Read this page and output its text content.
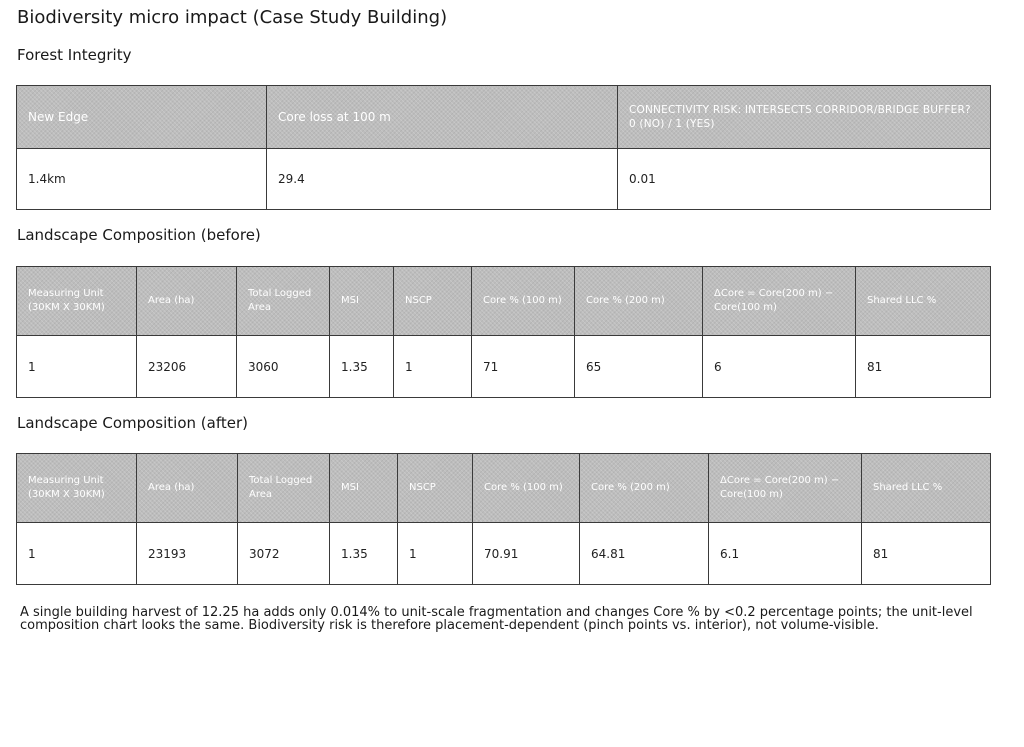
Biodiversity micro impact (Case Study Building)
Forest Integrity
New Edge	Core loss at 100 m	CONNECTIVITY RISK: INTERSECTS CORRIDOR/BRIDGE BUFFER? 0 (NO) / 1 (YES)
1.4km	29.4	0.01
Landscape Composition (before)
Measuring Unit (30KM X 30KM)	Area (ha)	Total Logged Area	MSI	NSCP	Core % (100 m)	Core % (200 m)	ΔCore = Core(200 m) − Core(100 m)	Shared LLC %
1	23206	3060	1.35	1	71	65	6	81
Landscape Composition (after)
Measuring Unit (30KM X 30KM)	Area (ha)	Total Logged Area	MSI	NSCP	Core % (100 m)	Core % (200 m)	ΔCore = Core(200 m) − Core(100 m)	Shared LLC %
1	23193	3072	1.35	1	70.91	64.81	6.1	81

A single building harvest of 12.25 ha adds only 0.014% to unit-scale fragmentation and changes Core % by <0.2 percentage points; the unit-level composition chart looks the same. Biodiversity risk is therefore placement-dependent (pinch points vs. interior), not volume-visible.
